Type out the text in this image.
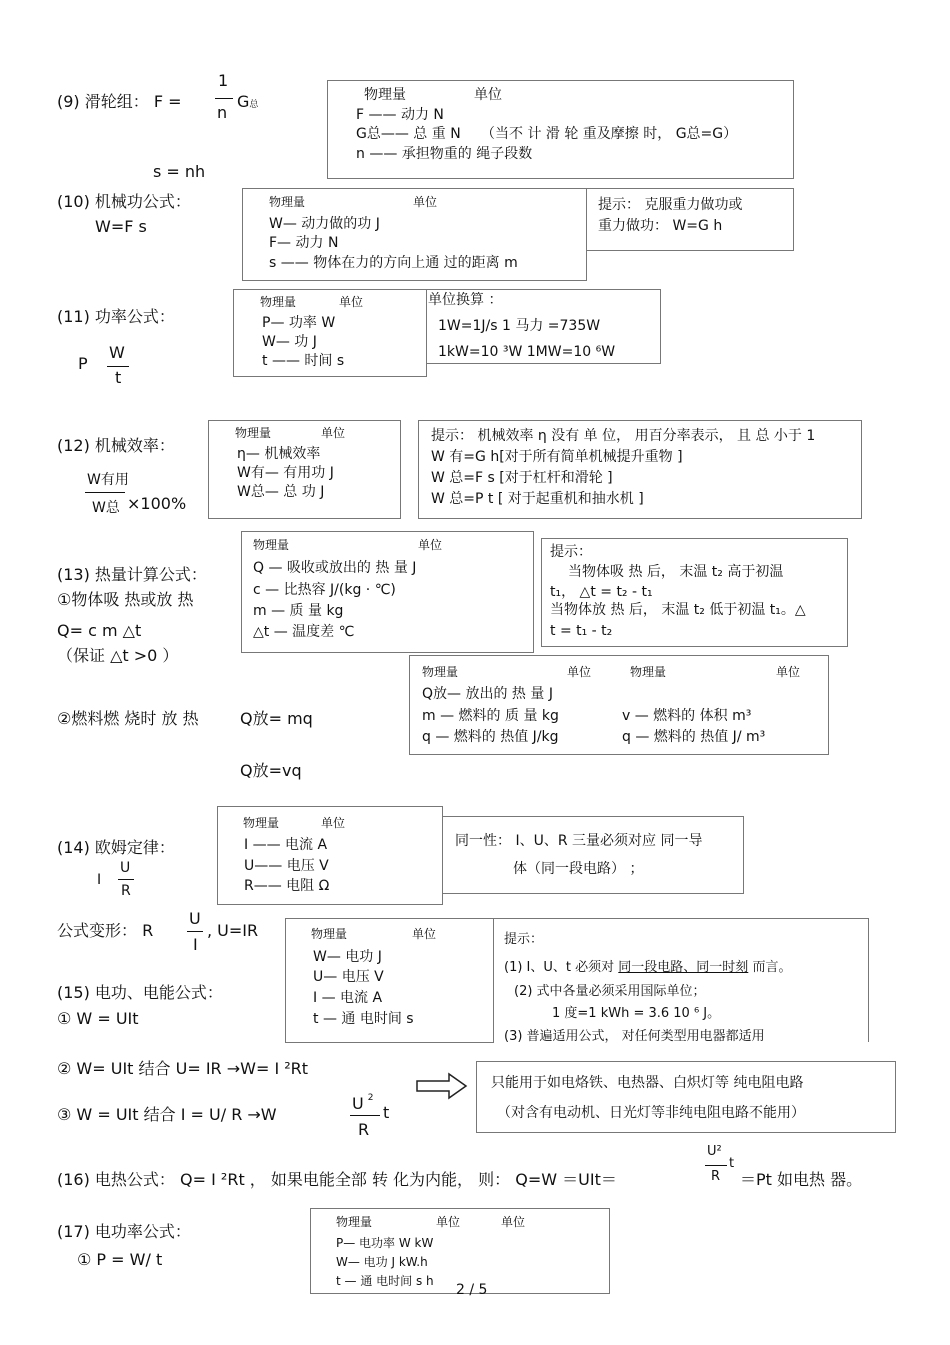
(9) 滑轮组： F =
1
n
G总
s = nh
物理量	单位
F —— 动力 N
G总—— 总 重 N （当不 计 滑 轮 重及摩擦 时， G总=G）
n —— 承担物重的 绳子段数
(10) 机械功公式：
W=F s
物理量	单位
W— 动力做的功 J
F— 动力 N
s —— 物体在力的方向上通 过的距离 m
提示： 克服重力做功或
重力做功： W=G h
(11) 功率公式：
P
W
t
物理量	单位
P— 功率 W
W— 功 J
t —— 时间 s
单位换算 ：
1W=1J/s 1 马力 =735W
1kW=10 ³W 1MW=10 ⁶W
(12) 机械效率：
W有用
W总 ×100%
物理量	单位
η— 机械效率
W有— 有用功 J
W总— 总 功 J
提示： 机械效率 η 没有 单 位， 用百分率表示， 且 总 小于 1
W 有=G h[对于所有简单机械提升重物 ]
W 总=F s [对于杠杆和滑轮 ]
W 总=P t [ 对于起重机和抽水机 ]
(13) 热量计算公式：
①物体吸 热或放 热
Q= c m △t
（保证 △t >0 ）
②燃料燃 烧时 放 热	Q放= mq
Q放=vq
物理量	单位
Q — 吸收或放出的 热 量 J
c — 比热容 J/(kg · ℃)
m — 质 量 kg
△t — 温度差 ℃
提示：
当物体吸 热 后， 末温 t₂ 高于初温
t₁， △t = t₂ - t₁
当物体放 热 后， 末温 t₂ 低于初温 t₁。△
t = t₁ - t₂
物理量	单位	物理量	单位
Q放— 放出的 热 量 J
m — 燃料的 质 量 kg	v — 燃料的 体积 m³
q — 燃料的 热值 J/kg	q — 燃料的 热值 J/ m³
(14) 欧姆定律：
I
U
R
物理量	单位
I —— 电流 A
U—— 电压 V
R—— 电阻 Ω
同一性： I、U、R 三量必须对应 同一导
体（同一段电路） ；
公式变形： R
U
I
, U=IR
(15) 电功、电能公式：
① W = UIt
物理量	单位
W— 电功 J
U— 电压 V
I — 电流 A
t — 通 电时间 s
提示：
(1) I、U、t 必须对 同一段电路、同一时刻 而言。
(2) 式中各量必须采用国际单位；
1 度=1 kWh = 3.6 10 ⁶ J。
(3) 普遍适用公式， 对任何类型用电器都适用
② W= UIt 结合 U= IR →W= I ²Rt
③ W = UIt 结合 I = U/ R →W
U $^2$
R
t
只能用于如电烙铁、电热器、白炽灯等 纯电阻电路
（对含有电动机、日光灯等非纯电阻电路不能用）
(16) 电热公式： Q= I ²Rt ， 如果电能全部 转 化为内能， 则： Q=W ＝UIt＝
U²
R
t
＝Pt 如电热 器。
(17) 电功率公式：
① P = W/ t
物理量	单位	单位
P— 电功率 W kW
W— 电功 J kW.h
t — 通 电时间 s h
2 / 5
